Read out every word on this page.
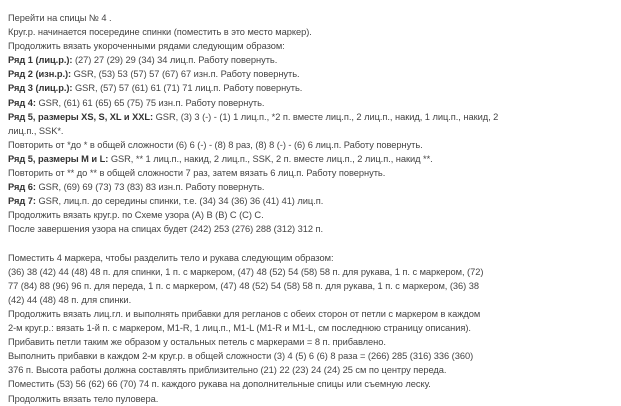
Перейти на спицы № 4 .
Круг.р. начинается посередине спинки (поместить в это место маркер).
Продолжить вязать укороченными рядами следующим образом:
Ряд 1 (лиц.р.): (27) 27 (29) 29 (34) 34 лиц.п. Работу повернуть.
Ряд 2 (изн.р.): GSR, (53) 53 (57) 57 (67) 67 изн.п. Работу повернуть.
Ряд 3 (лиц.р.): GSR, (57) 57 (61) 61 (71) 71 лиц.п. Работу повернуть.
Ряд 4: GSR, (61) 61 (65) 65 (75) 75 изн.п. Работу повернуть.
Ряд 5, размеры XS, S, XL и XXL: GSR, (3) 3 (-) - (1) 1 лиц.п., *2 п. вместе лиц.п., 2 лиц.п., накид, 1 лиц.п., накид, 2
лиц.п., SSK*.
Повторить от *до * в общей сложности (6) 6 (-) - (8) 8 раз, (8) 8 (-) - (6) 6 лиц.п. Работу повернуть.
Ряд 5, размеры M и L: GSR, ** 1 лиц.п., накид, 2 лиц.п., SSK, 2 п. вместе лиц.п., 2 лиц.п., накид **.
Повторить от ** до ** в общей сложности 7 раз, затем вязать 6 лиц.п. Работу повернуть.
Ряд 6: GSR, (69) 69 (73) 73 (83) 83 изн.п. Работу повернуть.
Ряд 7: GSR, лиц.п. до середины спинки, т.е. (34) 34 (36) 36 (41) 41) лиц.п.
Продолжить вязать круг.р. по Схеме узора (А) В (В) С (С) С.
После завершения узора на спицах будет (242) 253 (276) 288 (312) 312 п.
Поместить 4 маркера, чтобы разделить тело и рукава следующим образом:
(36) 38 (42) 44 (48) 48 п. для спинки, 1 п. с маркером, (47) 48 (52) 54 (58) 58 п. для рукава, 1 п. с маркером, (72)
77 (84) 88 (96) 96 п. для переда, 1 п. с маркером, (47) 48 (52) 54 (58) 58 п. для рукава, 1 п. с маркером, (36) 38
(42) 44 (48) 48 п. для спинки.
Продолжить вязать лиц.гл. и выполнять прибавки для регланов с обеих сторон от петли с маркером в каждом
2-м круг.р.: вязать 1-й п. с маркером, M1-R, 1 лиц.п., M1-L (M1-R и M1-L, см последнюю страницу описания).
Прибавить петли таким же образом у остальных петель с маркерами = 8 п. прибавлено.
Выполнить прибавки в каждом 2-м круг.р. в общей сложности (3) 4 (5) 6 (6) 8 раза = (266) 285 (316) 336 (360)
376 п. Высота работы должна составлять приблизительно (21) 22 (23) 24 (24) 25 см по центру переда.
Поместить (53) 56 (62) 66 (70) 74 п. каждого рукава на дополнительные спицы или съемную леску.
Продолжить вязать тело пуловера.
